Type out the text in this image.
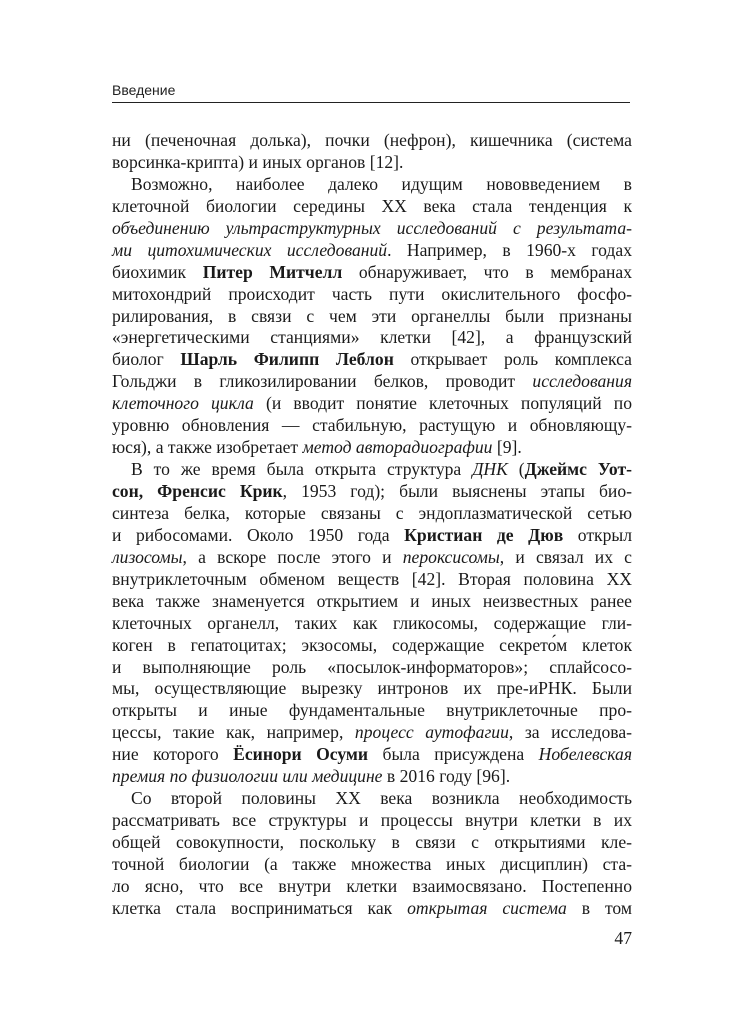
Введение
ни (печеночная долька), почки (нефрон), кишечника (система
ворсинка-крипта) и иных органов [12].
Возможно, наиболее далеко идущим нововведением в
клеточной биологии середины XX века стала тенденция к
объединению ультраструктурных исследований с результата-
ми цитохимических исследований. Например, в 1960-х годах
биохимик Питер Митчелл обнаруживает, что в мембранах
митохондрий происходит часть пути окислительного фосфо-
рилирования, в связи с чем эти органеллы были признаны
«энергетическими станциями» клетки [42], а французский
биолог Шарль Филипп Леблон открывает роль комплекса
Гольджи в гликозилировании белков, проводит исследования
клеточного цикла (и вводит понятие клеточных популяций по
уровню обновления — стабильную, растущую и обновляющу-
юся), а также изобретает метод авторадиографии [9].
В то же время была открыта структура ДНК (Джеймс Уот-
сон, Френсис Крик, 1953 год); были выяснены этапы био-
синтеза белка, которые связаны с эндоплазматической сетью
и рибосомами. Около 1950 года Кристиан де Дюв открыл
лизосомы, а вскоре после этого и пероксисомы, и связал их с
внутриклеточным обменом веществ [42]. Вторая половина XX
века также знаменуется открытием и иных неизвестных ранее
клеточных органелл, таких как гликосомы, содержащие гли-
коген в гепатоцитах; экзосомы, содержащие секрето́м клеток
и выполняющие роль «посылок-информаторов»; сплайсосо-
мы, осуществляющие вырезку интронов их пре-иРНК. Были
открыты и иные фундаментальные внутриклеточные про-
цессы, такие как, например, процесс аутофагии, за исследова-
ние которого Ёсинори Осуми была присуждена Нобелевская
премия по физиологии или медицине в 2016 году [96].
Со второй половины XX века возникла необходимость
рассматривать все структуры и процессы внутри клетки в их
общей совокупности, поскольку в связи с открытиями кле-
точной биологии (а также множества иных дисциплин) ста-
ло ясно, что все внутри клетки взаимосвязано. Постепенно
клетка стала восприниматься как открытая система в том
47
